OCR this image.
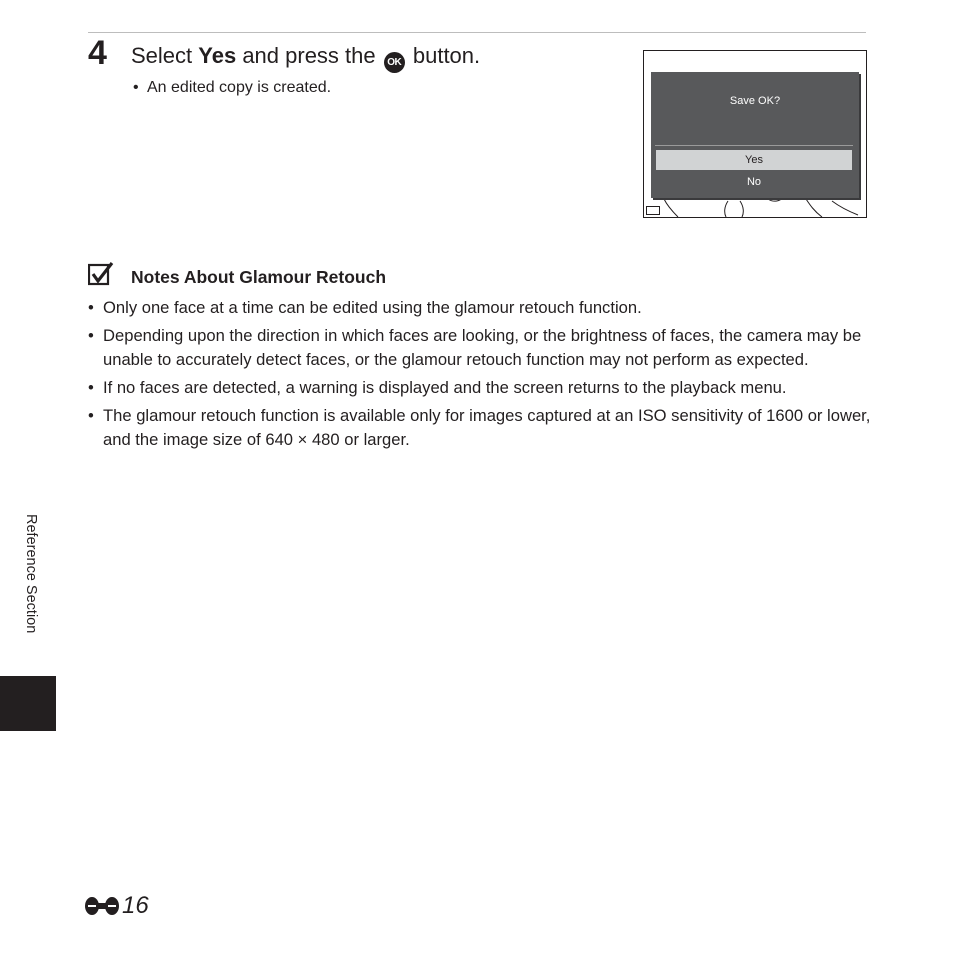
4 Select Yes and press the OK button.
• An edited copy is created.
Save OK?
Yes
No
Notes About Glamour Retouch
• Only one face at a time can be edited using the glamour retouch function.
• Depending upon the direction in which faces are looking, or the brightness of faces, the camera may be unable to accurately detect faces, or the glamour retouch function may not perform as expected.
• If no faces are detected, a warning is displayed and the screen returns to the playback menu.
• The glamour retouch function is available only for images captured at an ISO sensitivity of 1600 or lower, and the image size of 640 × 480 or larger.
Reference Section
16
